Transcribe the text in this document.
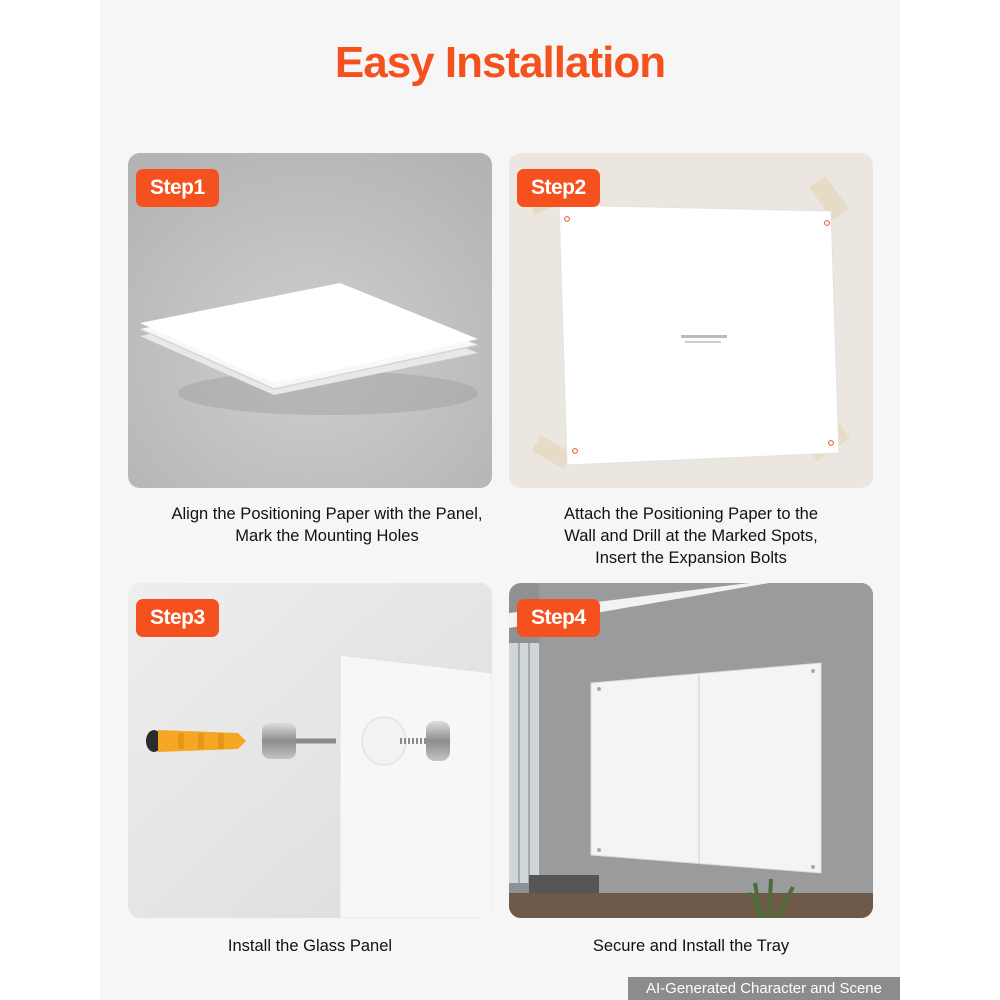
Easy Installation
Step1
Align the Positioning Paper with the Panel,
Mark the Mounting Holes
Step2
Attach the Positioning Paper to the
Wall and Drill at the Marked Spots,
Insert the Expansion Bolts
Step3
Install the Glass Panel
Step4
Secure and Install the Tray
AI-Generated Character and Scene
